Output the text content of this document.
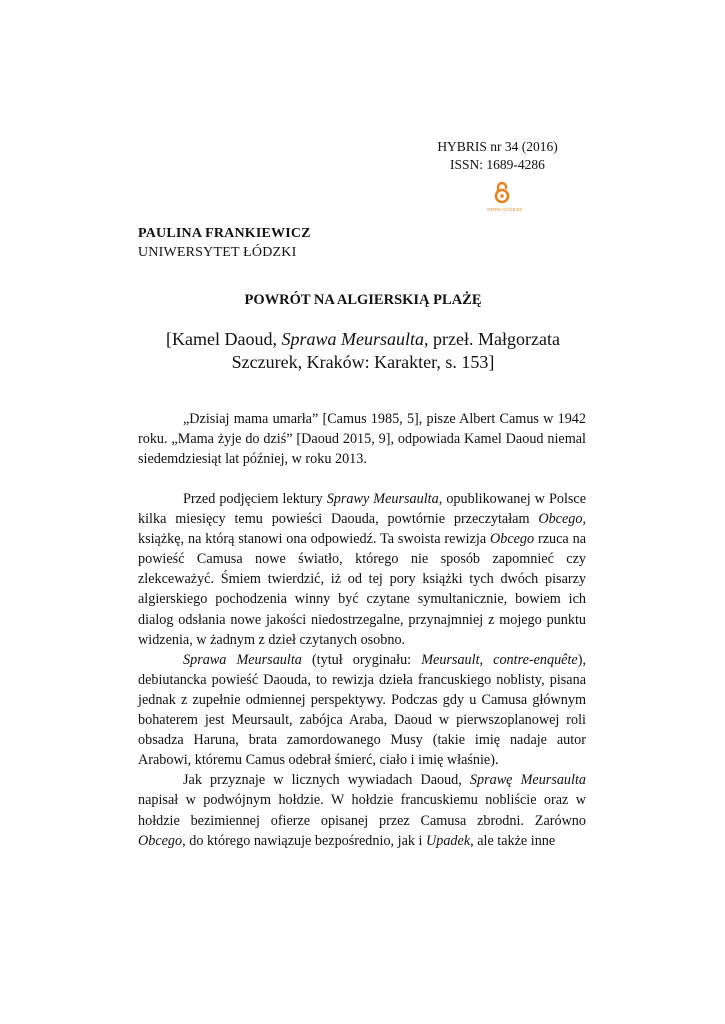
HYBRIS nr 34 (2016)
ISSN: 1689-4286
OPEN ACCESS
PAULINA FRANKIEWICZ
UNIWERSYTET ŁÓDZKI
POWRÓT NA ALGIERSKIĄ PLAŻĘ
[Kamel Daoud, Sprawa Meursaulta, przeł. Małgorzata Szczurek, Kraków: Karakter, s. 153]

„Dzisiaj mama umarła” [Camus 1985, 5], pisze Albert Camus w 1942 roku. „Mama żyje do dziś” [Daoud 2015, 9], odpowiada Kamel Daoud niemal siedemdziesiąt lat później, w roku 2013.

Przed podjęciem lektury Sprawy Meursaulta, opublikowanej w Polsce kilka miesięcy temu powieści Daouda, powtórnie przeczytałam Obcego, książkę, na którą stanowi ona odpowiedź. Ta swoista rewizja Obcego rzuca na powieść Camusa nowe światło, którego nie sposób zapomnieć czy zlekceważyć. Śmiem twierdzić, iż od tej pory książki tych dwóch pisarzy algierskiego pochodzenia winny być czytane symultanicznie, bowiem ich dialog odsłania nowe jakości niedostrzegalne, przynajmniej z mojego punktu widzenia, w żadnym z dzieł czytanych osobno.

Sprawa Meursaulta (tytuł oryginału: Meursault, contre-enquête), debiutancka powieść Daouda, to rewizja dzieła francuskiego noblisty, pisana jednak z zupełnie odmiennej perspektywy. Podczas gdy u Camusa głównym bohaterem jest Meursault, zabójca Araba, Daoud w pierwszoplanowej roli obsadza Haruna, brata zamordowanego Musy (takie imię nadaje autor Arabowi, któremu Camus odebrał śmierć, ciało i imię właśnie).

Jak przyznaje w licznych wywiadach Daoud, Sprawę Meursaulta napisał w podwójnym hołdzie. W hołdzie francuskiemu nobliście oraz w hołdzie bezimiennej ofierze opisanej przez Camusa zbrodni. Zarówno Obcego, do którego nawiązuje bezpośrednio, jak i Upadek, ale także inne
